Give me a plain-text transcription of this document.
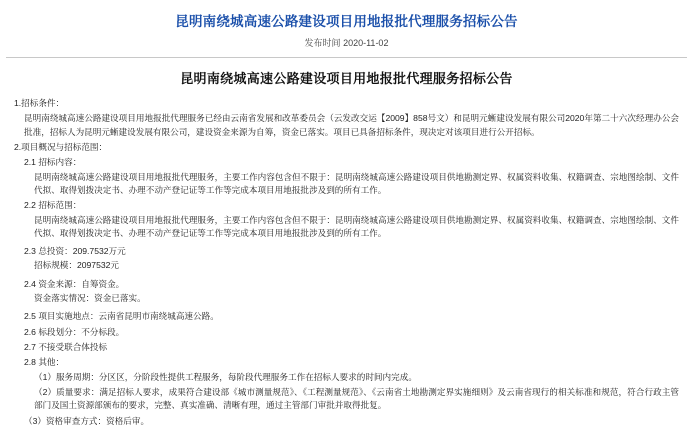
昆明南绕城高速公路建设项目用地报批代理服务招标公告
发布时间 2020-11-02
昆明南绕城高速公路建设项目用地报批代理服务招标公告

1.招标条件：

昆明南绕城高速公路建设项目用地报批代理服务已经由云南省发展和改革委员会（云发改交运【2009】858号文）和昆明元蜥建设发展有限公司2020年第二十六次经理办公会批准，招标人为昆明元蜥建设发展有限公司，建设资金来源为自筹，资金已落实。项目已具备招标条件，现决定对该项目进行公开招标。

2.项目概况与招标范围：

2.1 招标内容：

昆明南绕城高速公路建设项目用地报批代理服务，主要工作内容包含但不限于：昆明南绕城高速公路建设项目供地勘测定界、权属资料收集、权籍调查、宗地图绘制、文件代拟、取得划拨决定书、办理不动产登记证等工作等完成本项目用地报批涉及到的所有工作。

2.2 招标范围：

昆明南绕城高速公路建设项目用地报批代理服务，主要工作内容包含但不限于：昆明南绕城高速公路建设项目供地勘测定界、权属资料收集、权籍调查、宗地图绘制、文件代拟、取得划拨决定书、办理不动产登记证等工作等完成本项目用地报批涉及到的所有工作。

2.3 总投资：209.7532万元

招标规模：2097532元

2.4 资金来源：自筹资金。

资金落实情况：资金已落实。

2.5 项目实施地点：云南省昆明市南绕城高速公路。

2.6 标段划分：不分标段。

2.7 不接受联合体投标

2.8 其他：

（1）服务周期：分区区，分阶段性提供工程服务，每阶段代理服务工作在招标人要求的时间内完成。

（2）质量要求：满足招标人要求，成果符合建设部《城市测量规范》、《工程测量规范》、《云南省土地勘测定界实施细则》及云南省现行的相关标准和规范，符合行政主管部门及国土资源部颁布的要求，完整、真实准确、清晰有理，通过主管部门审批并取得批复。

（3）资格审查方式：资格后审。
